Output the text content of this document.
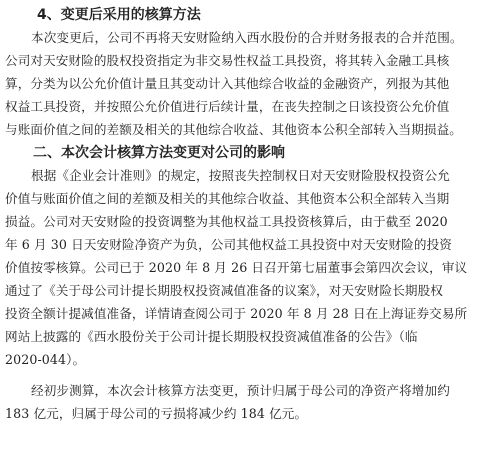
4、变更后采用的核算方法

本次变更后，公司不再将天安财险纳入西水股份的合并财务报表的合并范围。
公司对天安财险的股权投资指定为非交易性权益工具投资，将其转入金融工具核
算，分类为以公允价值计量且其变动计入其他综合收益的金融资产，列报为其他
权益工具投资，并按照公允价值进行后续计量，在丧失控制之日该投资公允价值
与账面价值之间的差额及相关的其他综合收益、其他资本公积全部转入当期损益。

二、本次会计核算方法变更对公司的影响

根据《企业会计准则》的规定，按照丧失控制权日对天安财险股权投资公允
价值与账面价值之间的差额及相关的其他综合收益、其他资本公积全部转入当期
损益。公司对天安财险的投资调整为其他权益工具投资核算后，由于截至 2020
年 6 月 30 日天安财险净资产为负，公司其他权益工具投资中对天安财险的投资
价值按零核算。公司已于 2020 年 8 月 26 日召开第七届董事会第四次会议，审议
通过了《关于母公司计提长期股权投资减值准备的议案》，对天安财险长期股权
投资全额计提减值准备，详情请查阅公司于 2020 年 8 月 28 日在上海证券交易所
网站上披露的《西水股份关于公司计提长期股权投资减值准备的公告》（临
2020-044）。

经初步测算，本次会计核算方法变更，预计归属于母公司的净资产将增加约
183 亿元，归属于母公司的亏损将减少约 184 亿元。
